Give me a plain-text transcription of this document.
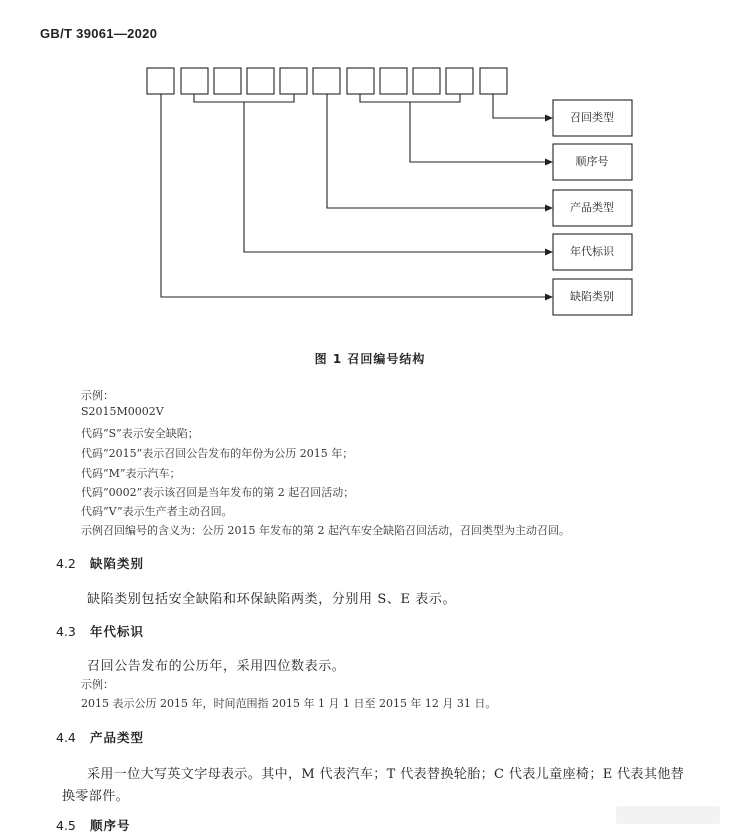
GB/T 39061—2020
召回类型
顺序号
产品类型
年代标识
缺陷类别
图 1 召回编号结构
示例：
S2015M0002V
代码“S”表示安全缺陷；
代码“2015”表示召回公告发布的年份为公历 2015 年；
代码“M”表示汽车；
代码“0002”表示该召回是当年发布的第 2 起召回活动；
代码“V”表示生产者主动召回。
示例召回编号的含义为：公历 2015 年发布的第 2 起汽车安全缺陷召回活动，召回类型为主动召回。
4.2 缺陷类别
缺陷类别包括安全缺陷和环保缺陷两类，分别用 S、E 表示。
4.3 年代标识
召回公告发布的公历年，采用四位数表示。
示例：
2015 表示公历 2015 年，时间范围指 2015 年 1 月 1 日至 2015 年 12 月 31 日。
4.4 产品类型
采用一位大写英文字母表示。其中，M 代表汽车；T 代表替换轮胎；C 代表儿童座椅；E 代表其他替
换零部件。
4.5 顺序号
